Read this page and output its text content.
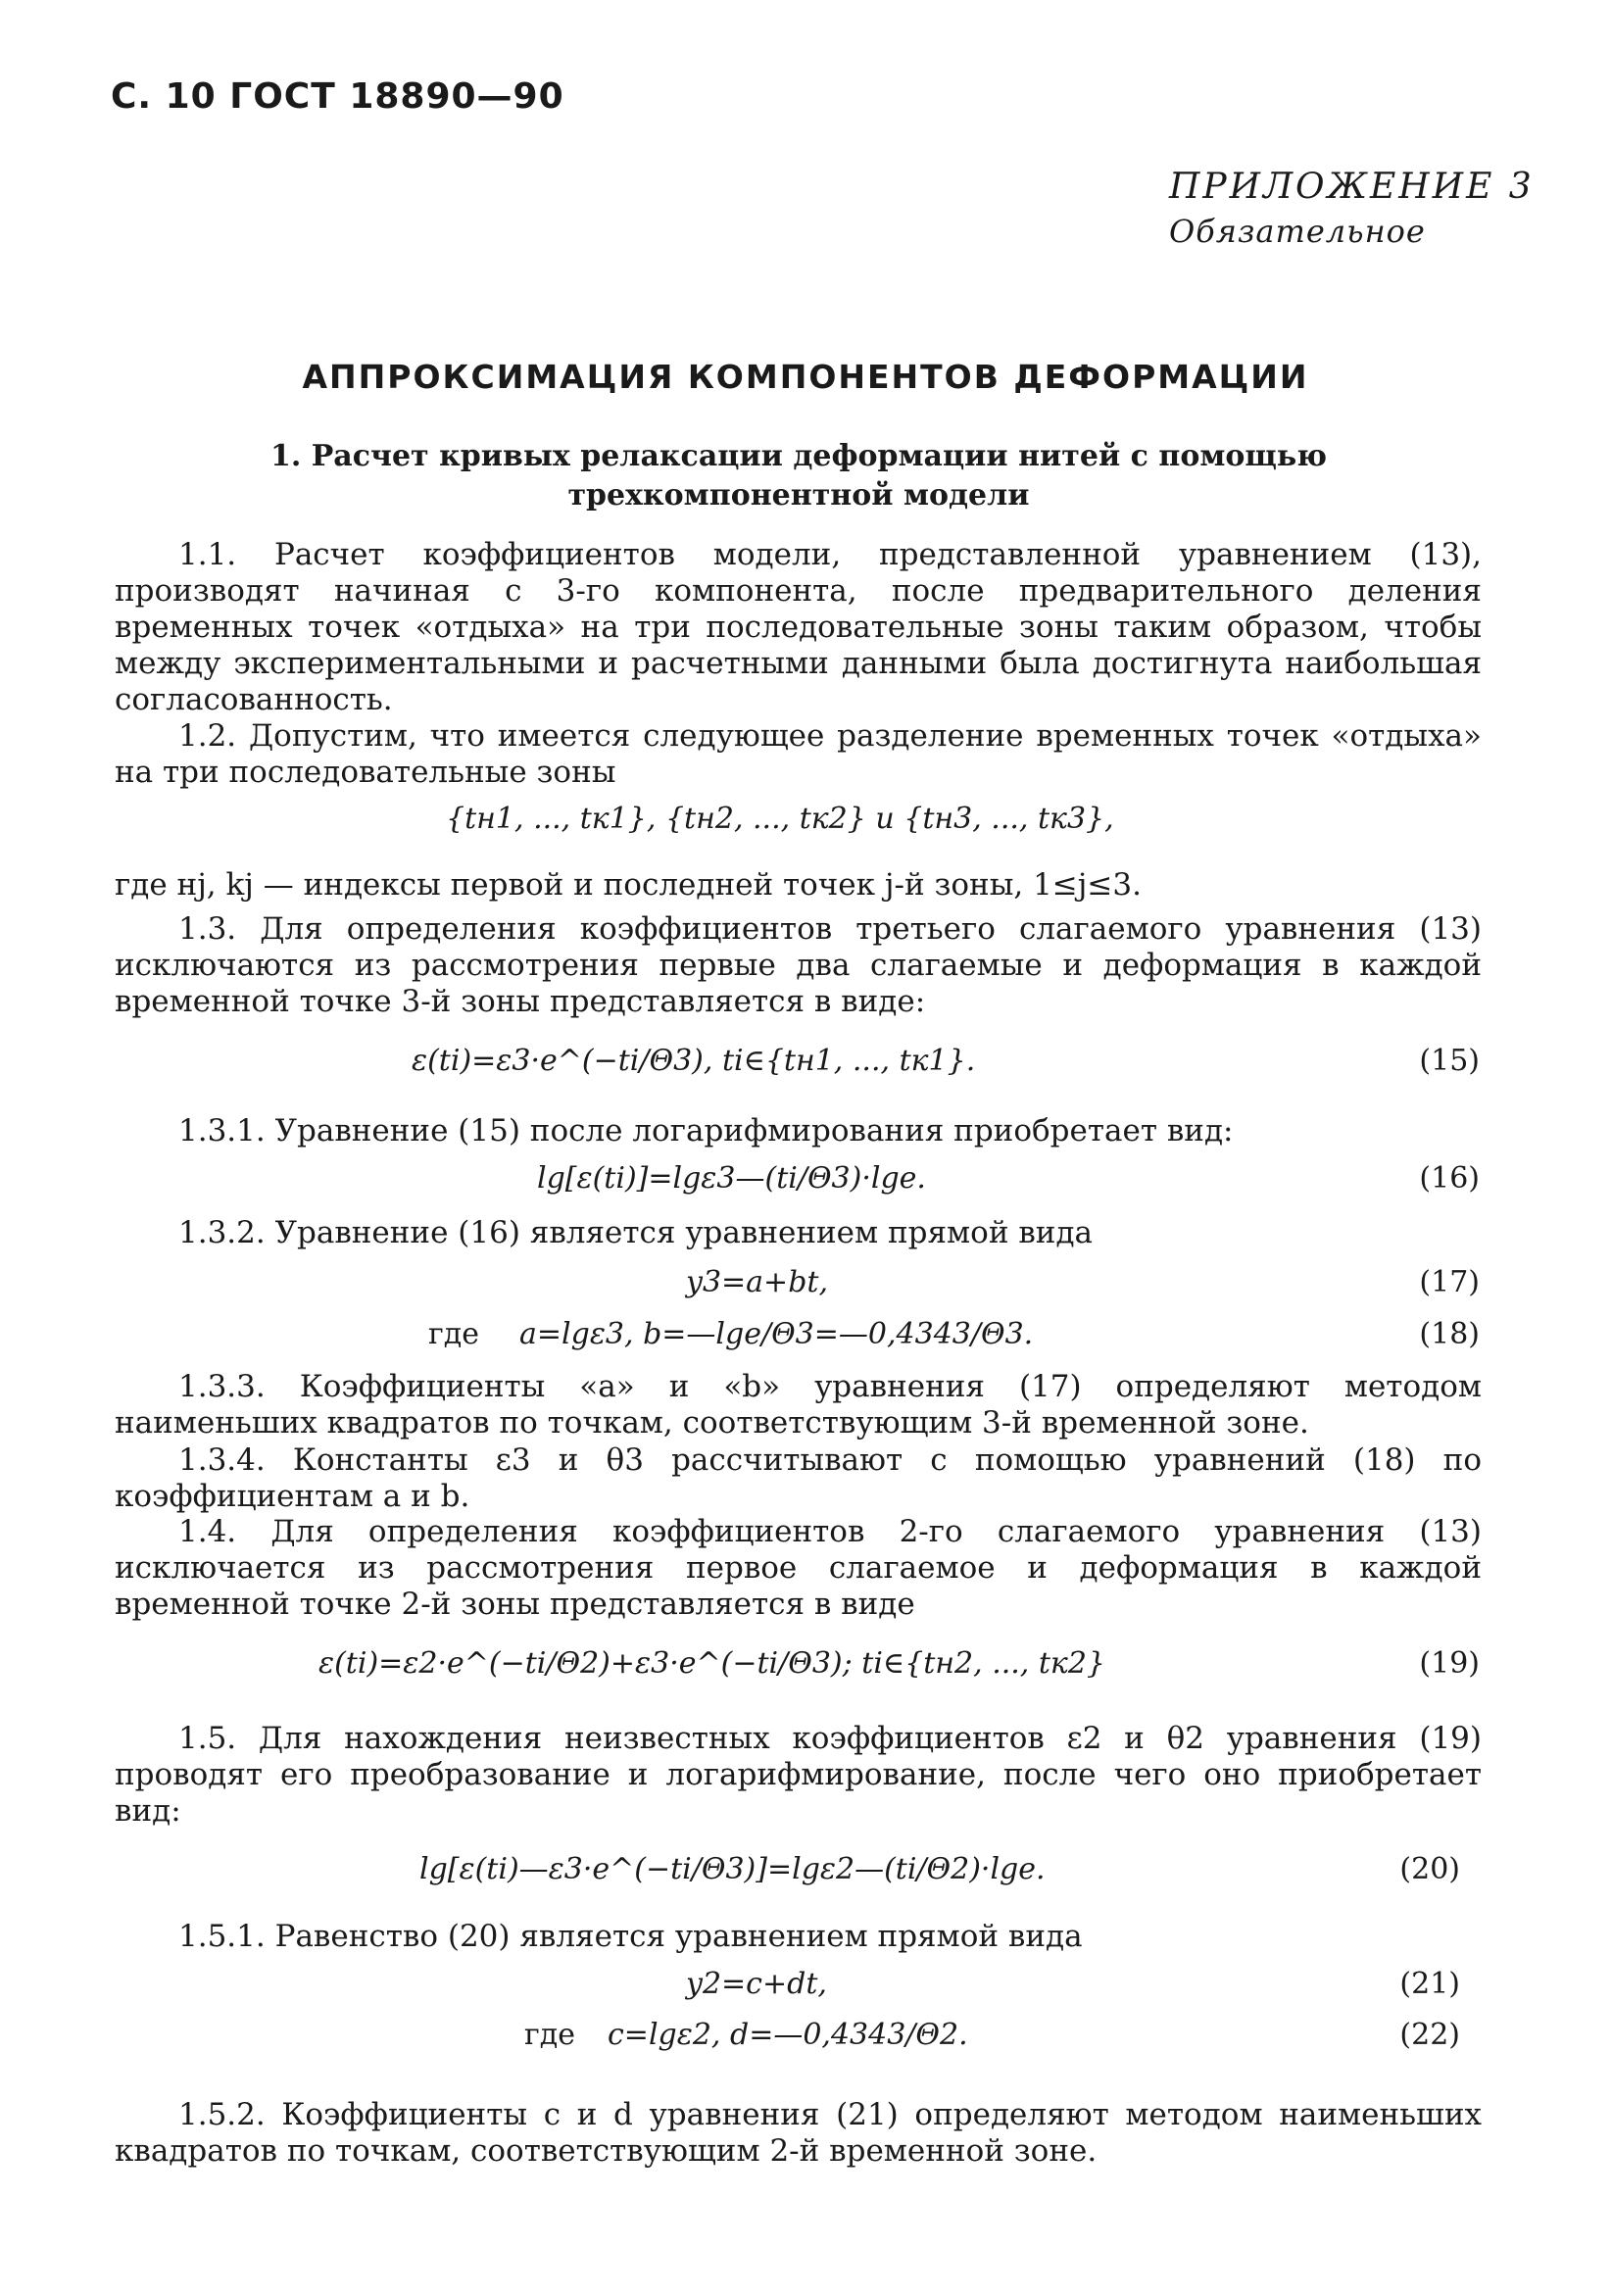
С. 10 ГОСТ 18890—90
ПРИЛОЖЕНИЕ 3
Обязательное
АППРОКСИМАЦИЯ КОМПОНЕНТОВ ДЕФОРМАЦИИ
1. Расчет кривых релаксации деформации нитей с помощью
трехкомпонентной модели
1.1. Расчет коэффициентов модели, представленной уравнением (13), производят начиная с 3-го компонента, после предварительного деления временных точек «отдыха» на три последовательные зоны таким образом, чтобы между экспериментальными и расчетными данными была достигнута наибольшая согласованность.
1.2. Допустим, что имеется следующее разделение временных точек «отдыха» на три последовательные зоны
{tн1, ..., tк1}, {tн2, ..., tк2} и {tн3, ..., tк3},
где нj, kj — индексы первой и последней точек j-й зоны, 1≤j≤3.
1.3. Для определения коэффициентов третьего слагаемого уравнения (13) исключаются из рассмотрения первые два слагаемые и деформация в каждой временной точке 3-й зоны представляется в виде:
ε(ti)=ε3·e^(−ti/Θ3), ti∈{tн1, ..., tк1}.	(15)
1.3.1. Уравнение (15) после логарифмирования приобретает вид:
lg[ε(ti)]=lgε3—(ti/Θ3)·lge.	(16)
1.3.2. Уравнение (16) является уравнением прямой вида
y3=a+bt,	(17)
где a=lgε3, b=—lge/Θ3=—0,4343/Θ3.	(18)
1.3.3. Коэффициенты «a» и «b» уравнения (17) определяют методом наименьших квадратов по точкам, соответствующим 3-й временной зоне.
1.3.4. Константы ε3 и θ3 рассчитывают с помощью уравнений (18) по коэффициентам a и b.
1.4. Для определения коэффициентов 2-го слагаемого уравнения (13) исключается из рассмотрения первое слагаемое и деформация в каждой временной точке 2-й зоны представляется в виде
ε(ti)=ε2·e^(−ti/Θ2)+ε3·e^(−ti/Θ3); ti∈{tн2, ..., tк2}	(19)
1.5. Для нахождения неизвестных коэффициентов ε2 и θ2 уравнения (19) проводят его преобразование и логарифмирование, после чего оно приобретает вид:
lg[ε(ti)—ε3·e^(−ti/Θ3)]=lgε2—(ti/Θ2)·lge.	(20)
1.5.1. Равенство (20) является уравнением прямой вида
y2=c+dt,	(21)
где c=lgε2, d=—0,4343/Θ2.	(22)
1.5.2. Коэффициенты c и d уравнения (21) определяют методом наименьших квадратов по точкам, соответствующим 2-й временной зоне.
